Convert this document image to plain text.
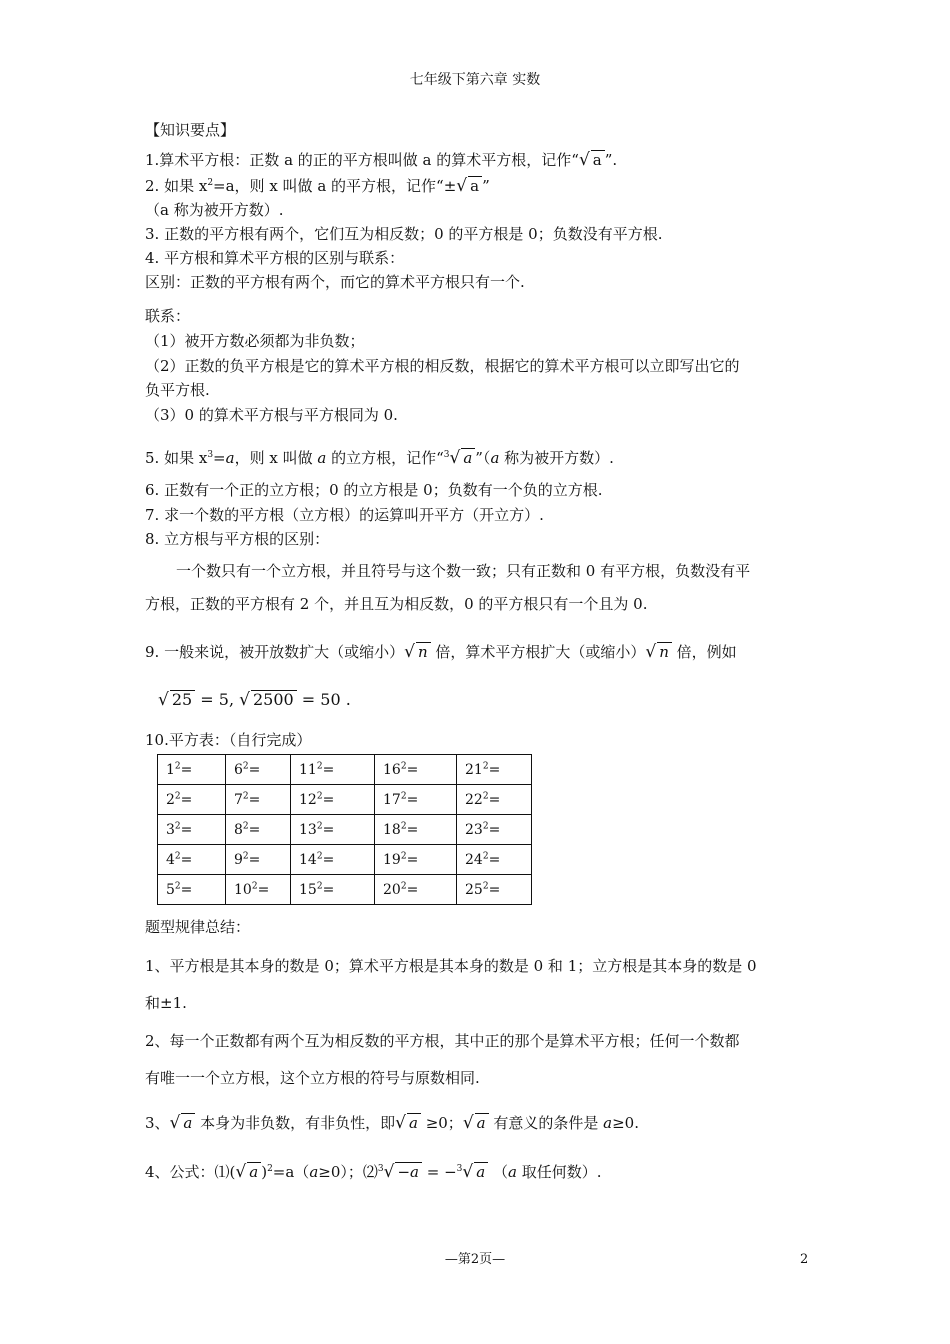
七年级下第六章 实数
【知识要点】
1.算术平方根：正数 a 的正的平方根叫做 a 的算术平方根，记作“√ a ”.
2. 如果 $x^2=a$，则 x 叫做 a 的平方根，记作“±√ a ”
（a 称为被开方数）.
3. 正数的平方根有两个，它们互为相反数；0 的平方根是 0；负数没有平方根.
4. 平方根和算术平方根的区别与联系：
区别：正数的平方根有两个，而它的算术平方根只有一个.
联系：
（1）被开方数必须都为非负数；
（2）正数的负平方根是它的算术平方根的相反数，根据它的算术平方根可以立即写出它的
负平方根.
（3）0 的算术平方根与平方根同为 0.
5. 如果 $x^3=a$，则 x 叫做 a 的立方根，记作“$^3$√ a ”（a 称为被开方数）.
6. 正数有一个正的立方根；0 的立方根是 0；负数有一个负的立方根.
7. 求一个数的平方根（立方根）的运算叫开平方（开立方）.
8. 立方根与平方根的区别：
一个数只有一个立方根，并且符号与这个数一致；只有正数和 0 有平方根，负数没有平
方根，正数的平方根有 2 个，并且互为相反数，0 的平方根只有一个且为 0.
9. 一般来说，被开放数扩大（或缩小）√ n 倍，算术平方根扩大（或缩小）√ n 倍，例如
√ 25 = 5, √ 2500 = 50 .
10.平方表：（自行完成）
$1^2=$	$6^2=$	$11^2=$	$16^2=$	$21^2=$
$2^2=$	$7^2=$	$12^2=$	$17^2=$	$22^2=$
$3^2=$	$8^2=$	$13^2=$	$18^2=$	$23^2=$
$4^2=$	$9^2=$	$14^2=$	$19^2=$	$24^2=$
$5^2=$	$10^2=$	$15^2=$	$20^2=$	$25^2=$
题型规律总结：
1、平方根是其本身的数是 0；算术平方根是其本身的数是 0 和 1；立方根是其本身的数是 0
和±1.
2、每一个正数都有两个互为相反数的平方根，其中正的那个是算术平方根；任何一个数都
有唯一一个立方根，这个立方根的符号与原数相同.
3、√ a 本身为非负数，有非负性，即√ a ≥0；√ a 有意义的条件是 a≥0.
4、公式：⑴(√ a )$^2$=a（a≥0）；⑵$^3$√ −a = −$^3$√ a （a 取任何数）.
—第2页—	2
